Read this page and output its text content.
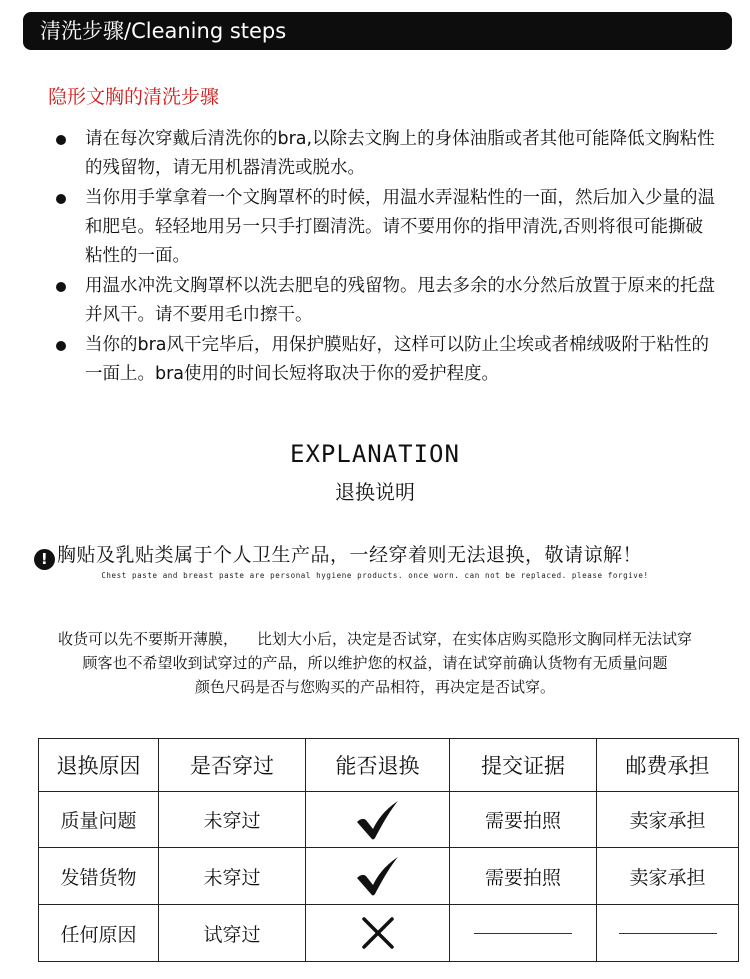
清洗步骤/Cleaning steps
隐形文胸的清洗步骤
请在每次穿戴后清洗你的bra,以除去文胸上的身体油脂或者其他可能降低文胸粘性的残留物，请无用机器清洗或脱水。
当你用手掌拿着一个文胸罩杯的时候，用温水弄湿粘性的一面，然后加入少量的温和肥皂。轻轻地用另一只手打圈清洗。请不要用你的指甲清洗,否则将很可能撕破粘性的一面。
用温水冲洗文胸罩杯以洗去肥皂的残留物。甩去多余的水分然后放置于原来的托盘并风干。请不要用毛巾擦干。
当你的bra风干完毕后，用保护膜贴好，这样可以防止尘埃或者棉绒吸附于粘性的一面上。bra使用的时间长短将取决于你的爱护程度。
EXPLANATION
退换说明
! 胸贴及乳贴类属于个人卫生产品，一经穿着则无法退换，敬请谅解！
Chest paste and breast paste are personal hygiene products. once worn. can not be replaced. please forgive!
收货可以先不要斯开薄膜，    比划大小后，决定是否试穿，在实体店购买隐形文胸同样无法试穿
顾客也不希望收到试穿过的产品，所以维护您的权益，请在试穿前确认货物有无质量问题
颜色尺码是否与您购买的产品相符，再决定是否试穿。
退换原因	是否穿过	能否退换	提交证据	邮费承担
质量问题	未穿过		需要拍照	卖家承担
发错货物	未穿过		需要拍照	卖家承担
任何原因	试穿过	
